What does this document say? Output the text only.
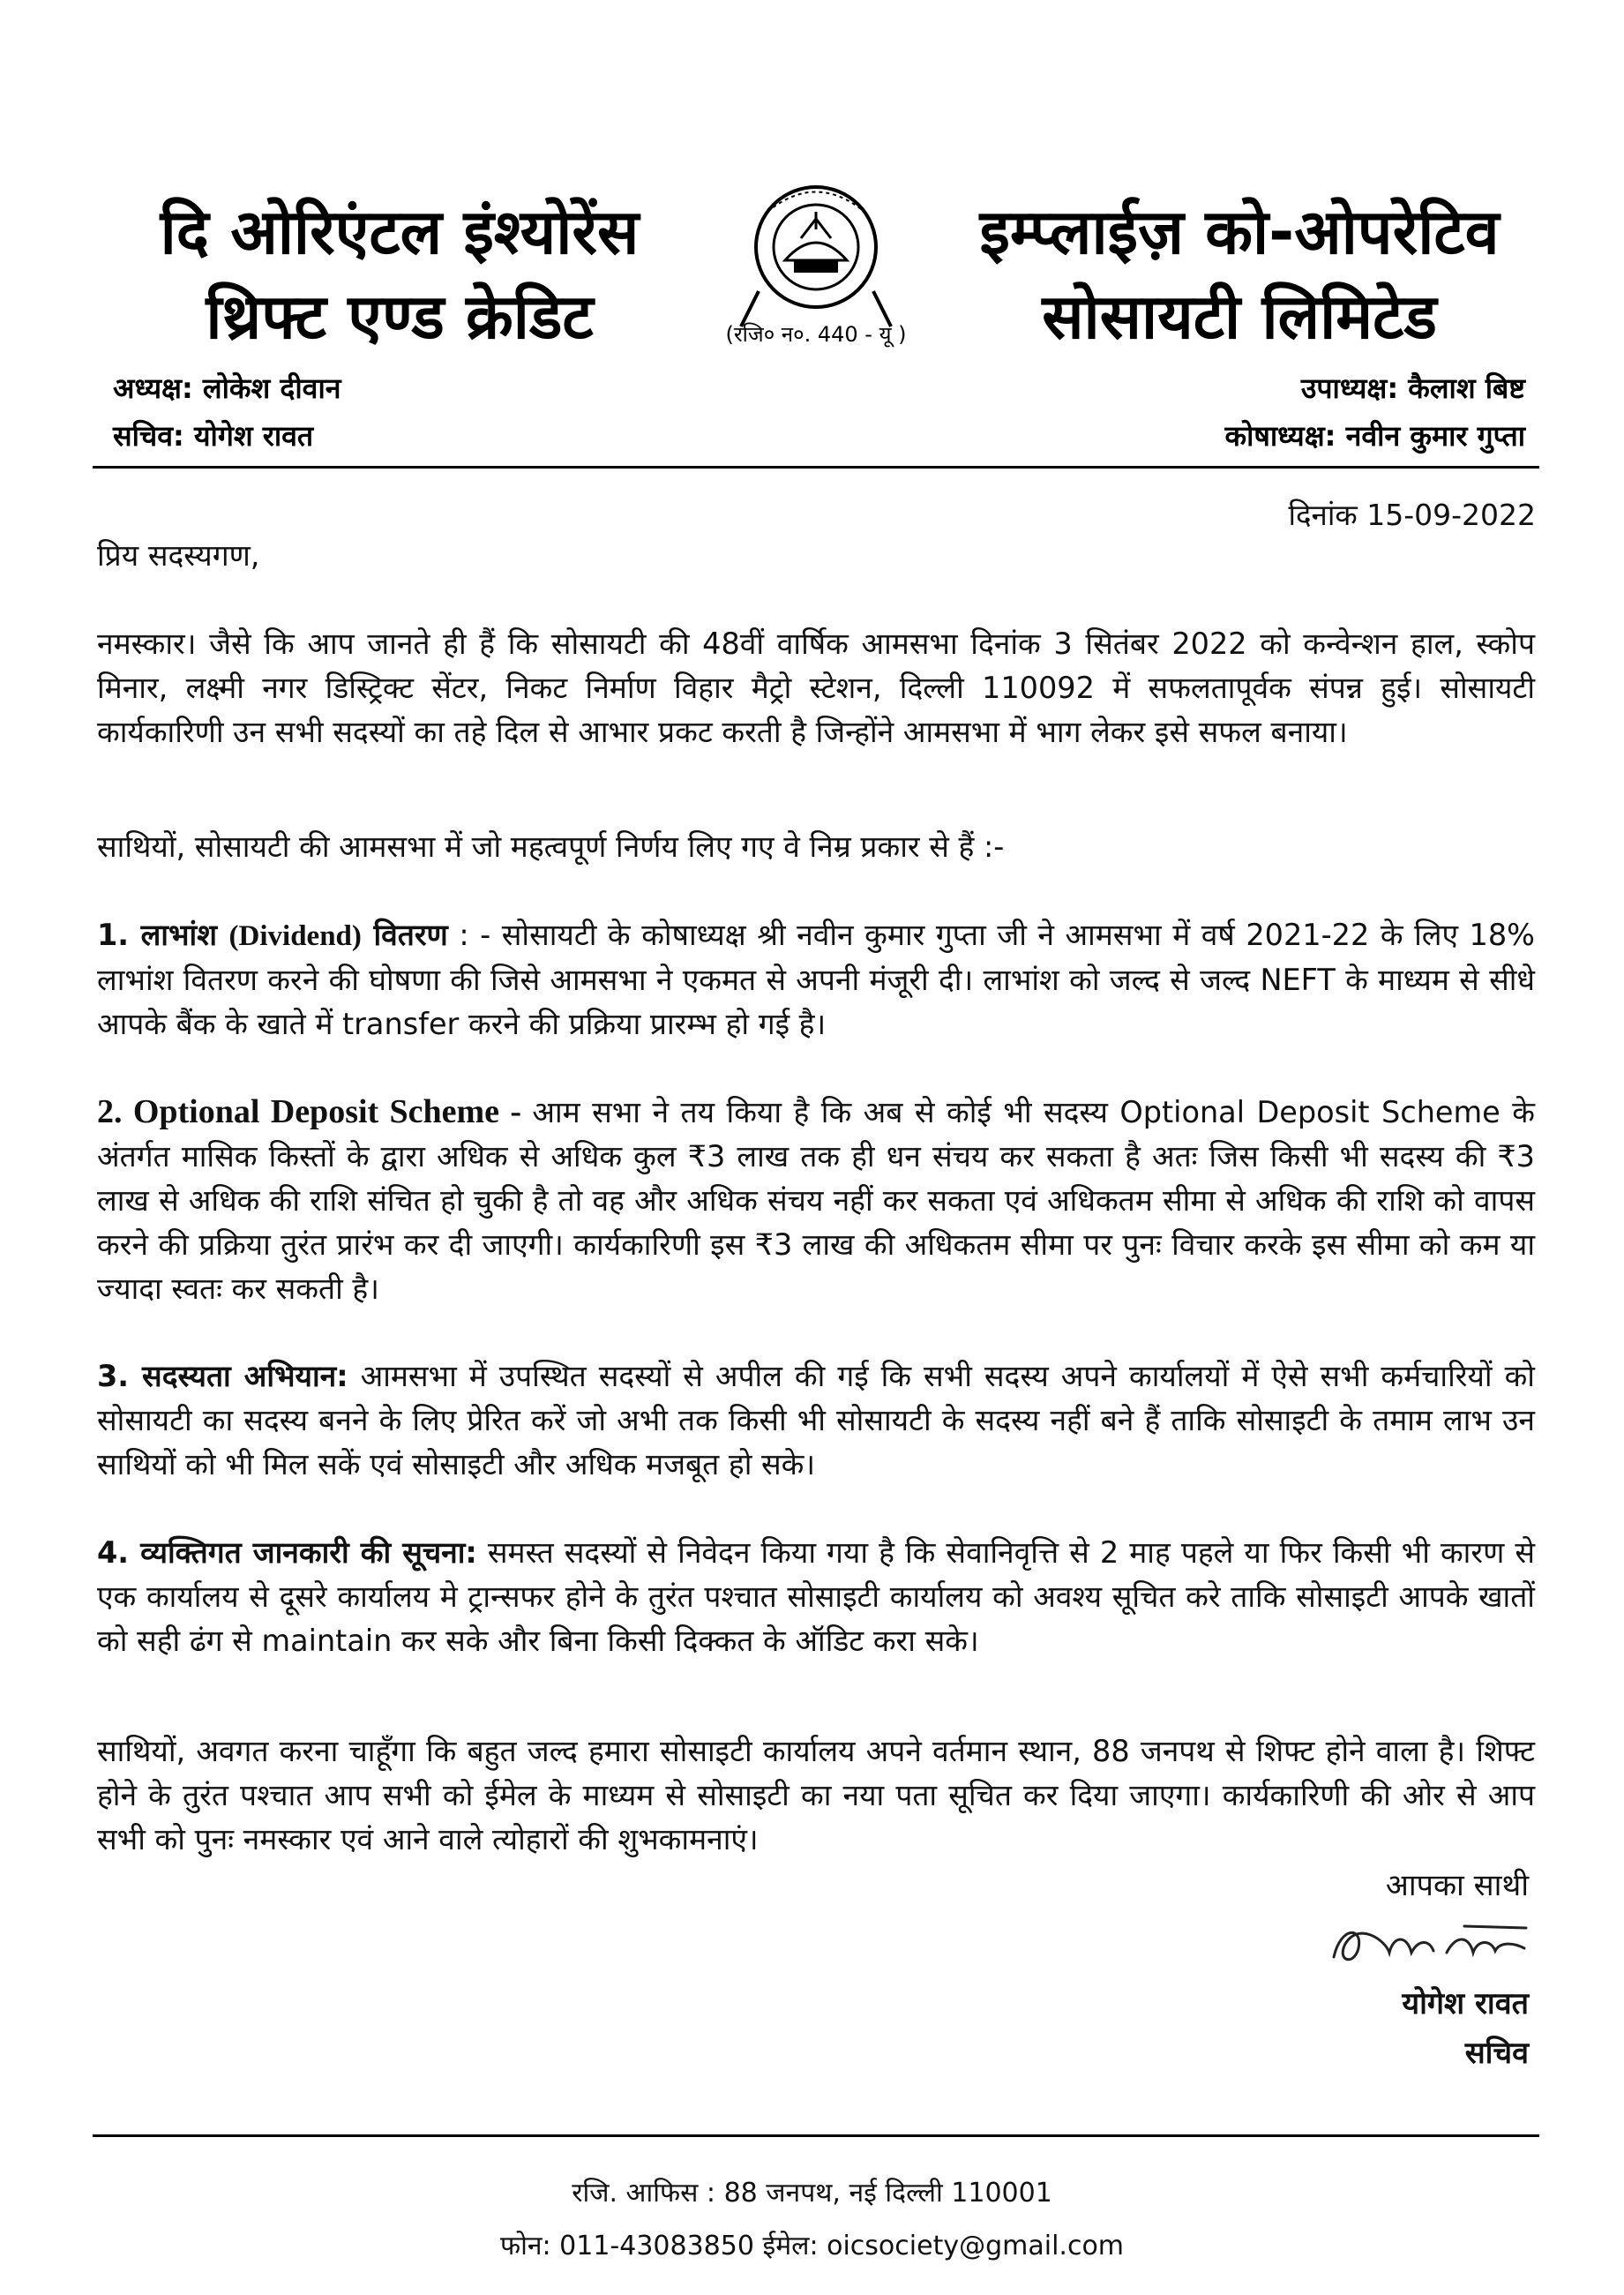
दि ओरिएंटल इंश्योरेंस
थ्रिफ्ट एण्ड क्रेडिट	(रजि० न०. 440 - यू )
इम्प्लाईज़ को-ओपरेटिव
सोसायटी लिमिटेड
अध्यक्ष: लोकेश दीवान
सचिव: योगेश रावत
उपाध्यक्ष: कैलाश बिष्ट
कोषाध्यक्ष: नवीन कुमार गुप्ता
दिनांक 15-09-2022
प्रिय सदस्यगण,
नमस्कार। जैसे कि आप जानते ही हैं कि सोसायटी की 48वीं वार्षिक आमसभा दिनांक 3 सितंबर 2022 को कन्वेन्शन हाल, स्कोप मिनार, लक्ष्मी नगर डिस्ट्रिक्ट सेंटर, निकट निर्माण विहार मैट्रो स्टेशन, दिल्ली 110092 में सफलतापूर्वक संपन्न हुई। सोसायटी कार्यकारिणी उन सभी सदस्यों का तहे दिल से आभार प्रकट करती है जिन्होंने आमसभा में भाग लेकर इसे सफल बनाया।
साथियों, सोसायटी की आमसभा में जो महत्वपूर्ण निर्णय लिए गए वे निम्र प्रकार से हैं :-
1. लाभांश (Dividend) वितरण : - सोसायटी के कोषाध्यक्ष श्री नवीन कुमार गुप्ता जी ने आमसभा में वर्ष 2021-22 के लिए 18% लाभांश वितरण करने की घोषणा की जिसे आमसभा ने एकमत से अपनी मंजूरी दी। लाभांश को जल्द से जल्द NEFT के माध्यम से सीधे आपके बैंक के खाते में transfer करने की प्रक्रिया प्रारम्भ हो गई है।
2. Optional Deposit Scheme - आम सभा ने तय किया है कि अब से कोई भी सदस्य Optional Deposit Scheme के अंतर्गत मासिक किस्तों के द्वारा अधिक से अधिक कुल ₹3 लाख तक ही धन संचय कर सकता है अतः जिस किसी भी सदस्य की ₹3 लाख से अधिक की राशि संचित हो चुकी है तो वह और अधिक संचय नहीं कर सकता एवं अधिकतम सीमा से अधिक की राशि को वापस करने की प्रक्रिया तुरंत प्रारंभ कर दी जाएगी। कार्यकारिणी इस ₹3 लाख की अधिकतम सीमा पर पुनः विचार करके इस सीमा को कम या ज्यादा स्वतः कर सकती है।
3. सदस्यता अभियान: आमसभा में उपस्थित सदस्यों से अपील की गई कि सभी सदस्य अपने कार्यालयों में ऐसे सभी कर्मचारियों को सोसायटी का सदस्य बनने के लिए प्रेरित करें जो अभी तक किसी भी सोसायटी के सदस्य नहीं बने हैं ताकि सोसाइटी के तमाम लाभ उन साथियों को भी मिल सकें एवं सोसाइटी और अधिक मजबूत हो सके।
4. व्यक्तिगत जानकारी की सूचना: समस्त सदस्यों से निवेदन किया गया है कि सेवानिवृत्ति से 2 माह पहले या फिर किसी भी कारण से एक कार्यालय से दूसरे कार्यालय मे ट्रान्सफर होने के तुरंत पश्चात सोसाइटी कार्यालय को अवश्य सूचित करे ताकि सोसाइटी आपके खातों को सही ढंग से maintain कर सके और बिना किसी दिक्कत के ऑडिट करा सके।
साथियों, अवगत करना चाहूँगा कि बहुत जल्द हमारा सोसाइटी कार्यालय अपने वर्तमान स्थान, 88 जनपथ से शिफ्ट होने वाला है। शिफ्ट होने के तुरंत पश्चात आप सभी को ईमेल के माध्यम से सोसाइटी का नया पता सूचित कर दिया जाएगा। कार्यकारिणी की ओर से आप सभी को पुनः नमस्कार एवं आने वाले त्योहारों की शुभकामनाएं।
आपका साथी
योगेश रावत
सचिव
रजि. आफिस : 88 जनपथ, नई दिल्ली 110001
फोन: 011-43083850 ईमेल: oicsociety@gmail.com
